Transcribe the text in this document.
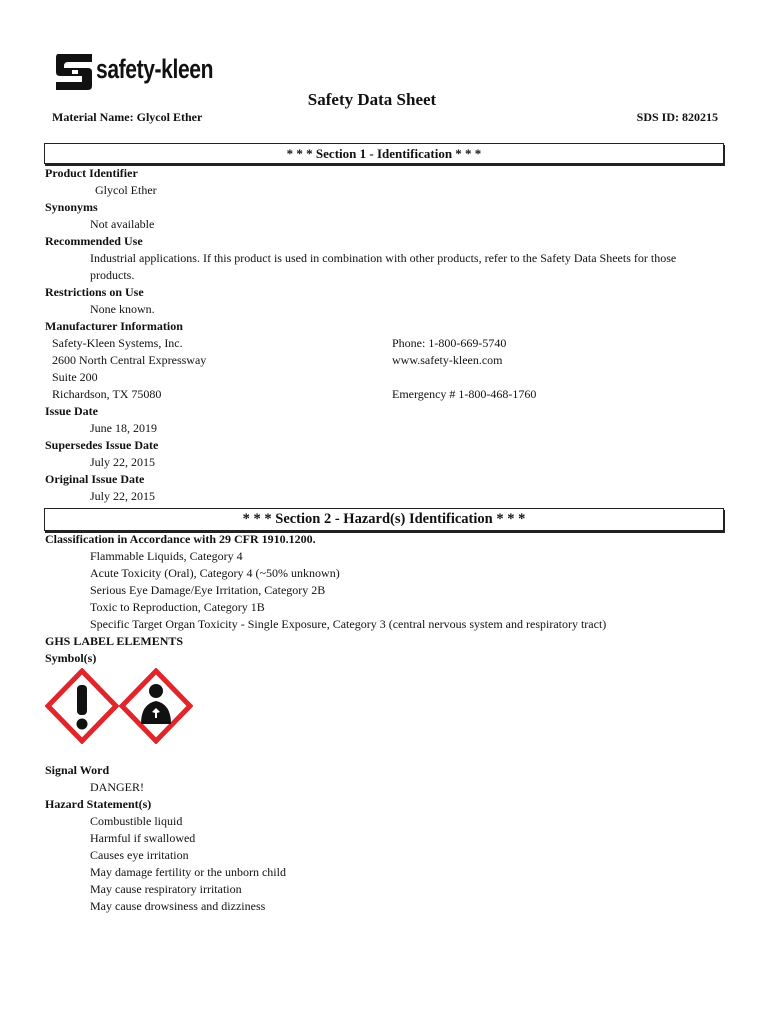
safety-kleen
Safety Data Sheet
Material Name: Glycol Ether	SDS ID: 820215
* * * Section 1 - Identification * * *
Product Identifier
Glycol Ether
Synonyms
Not available
Recommended Use
Industrial applications. If this product is used in combination with other products, refer to the Safety Data Sheets for those
products.
Restrictions on Use
None known.
Manufacturer Information
Safety-Kleen Systems, Inc.	Phone: 1-800-669-5740
2600 North Central Expressway	www.safety-kleen.com
Suite 200
Richardson, TX 75080	Emergency # 1-800-468-1760
Issue Date
June 18, 2019
Supersedes Issue Date
July 22, 2015
Original Issue Date
July 22, 2015
* * * Section 2 - Hazard(s) Identification * * *
Classification in Accordance with 29 CFR 1910.1200.
Flammable Liquids, Category 4
Acute Toxicity (Oral), Category 4 (~50% unknown)
Serious Eye Damage/Eye Irritation, Category 2B
Toxic to Reproduction, Category 1B
Specific Target Organ Toxicity - Single Exposure, Category 3 (central nervous system and respiratory tract)
GHS LABEL ELEMENTS
Symbol(s)
Signal Word
DANGER!
Hazard Statement(s)
Combustible liquid
Harmful if swallowed
Causes eye irritation
May damage fertility or the unborn child
May cause respiratory irritation
May cause drowsiness and dizziness
